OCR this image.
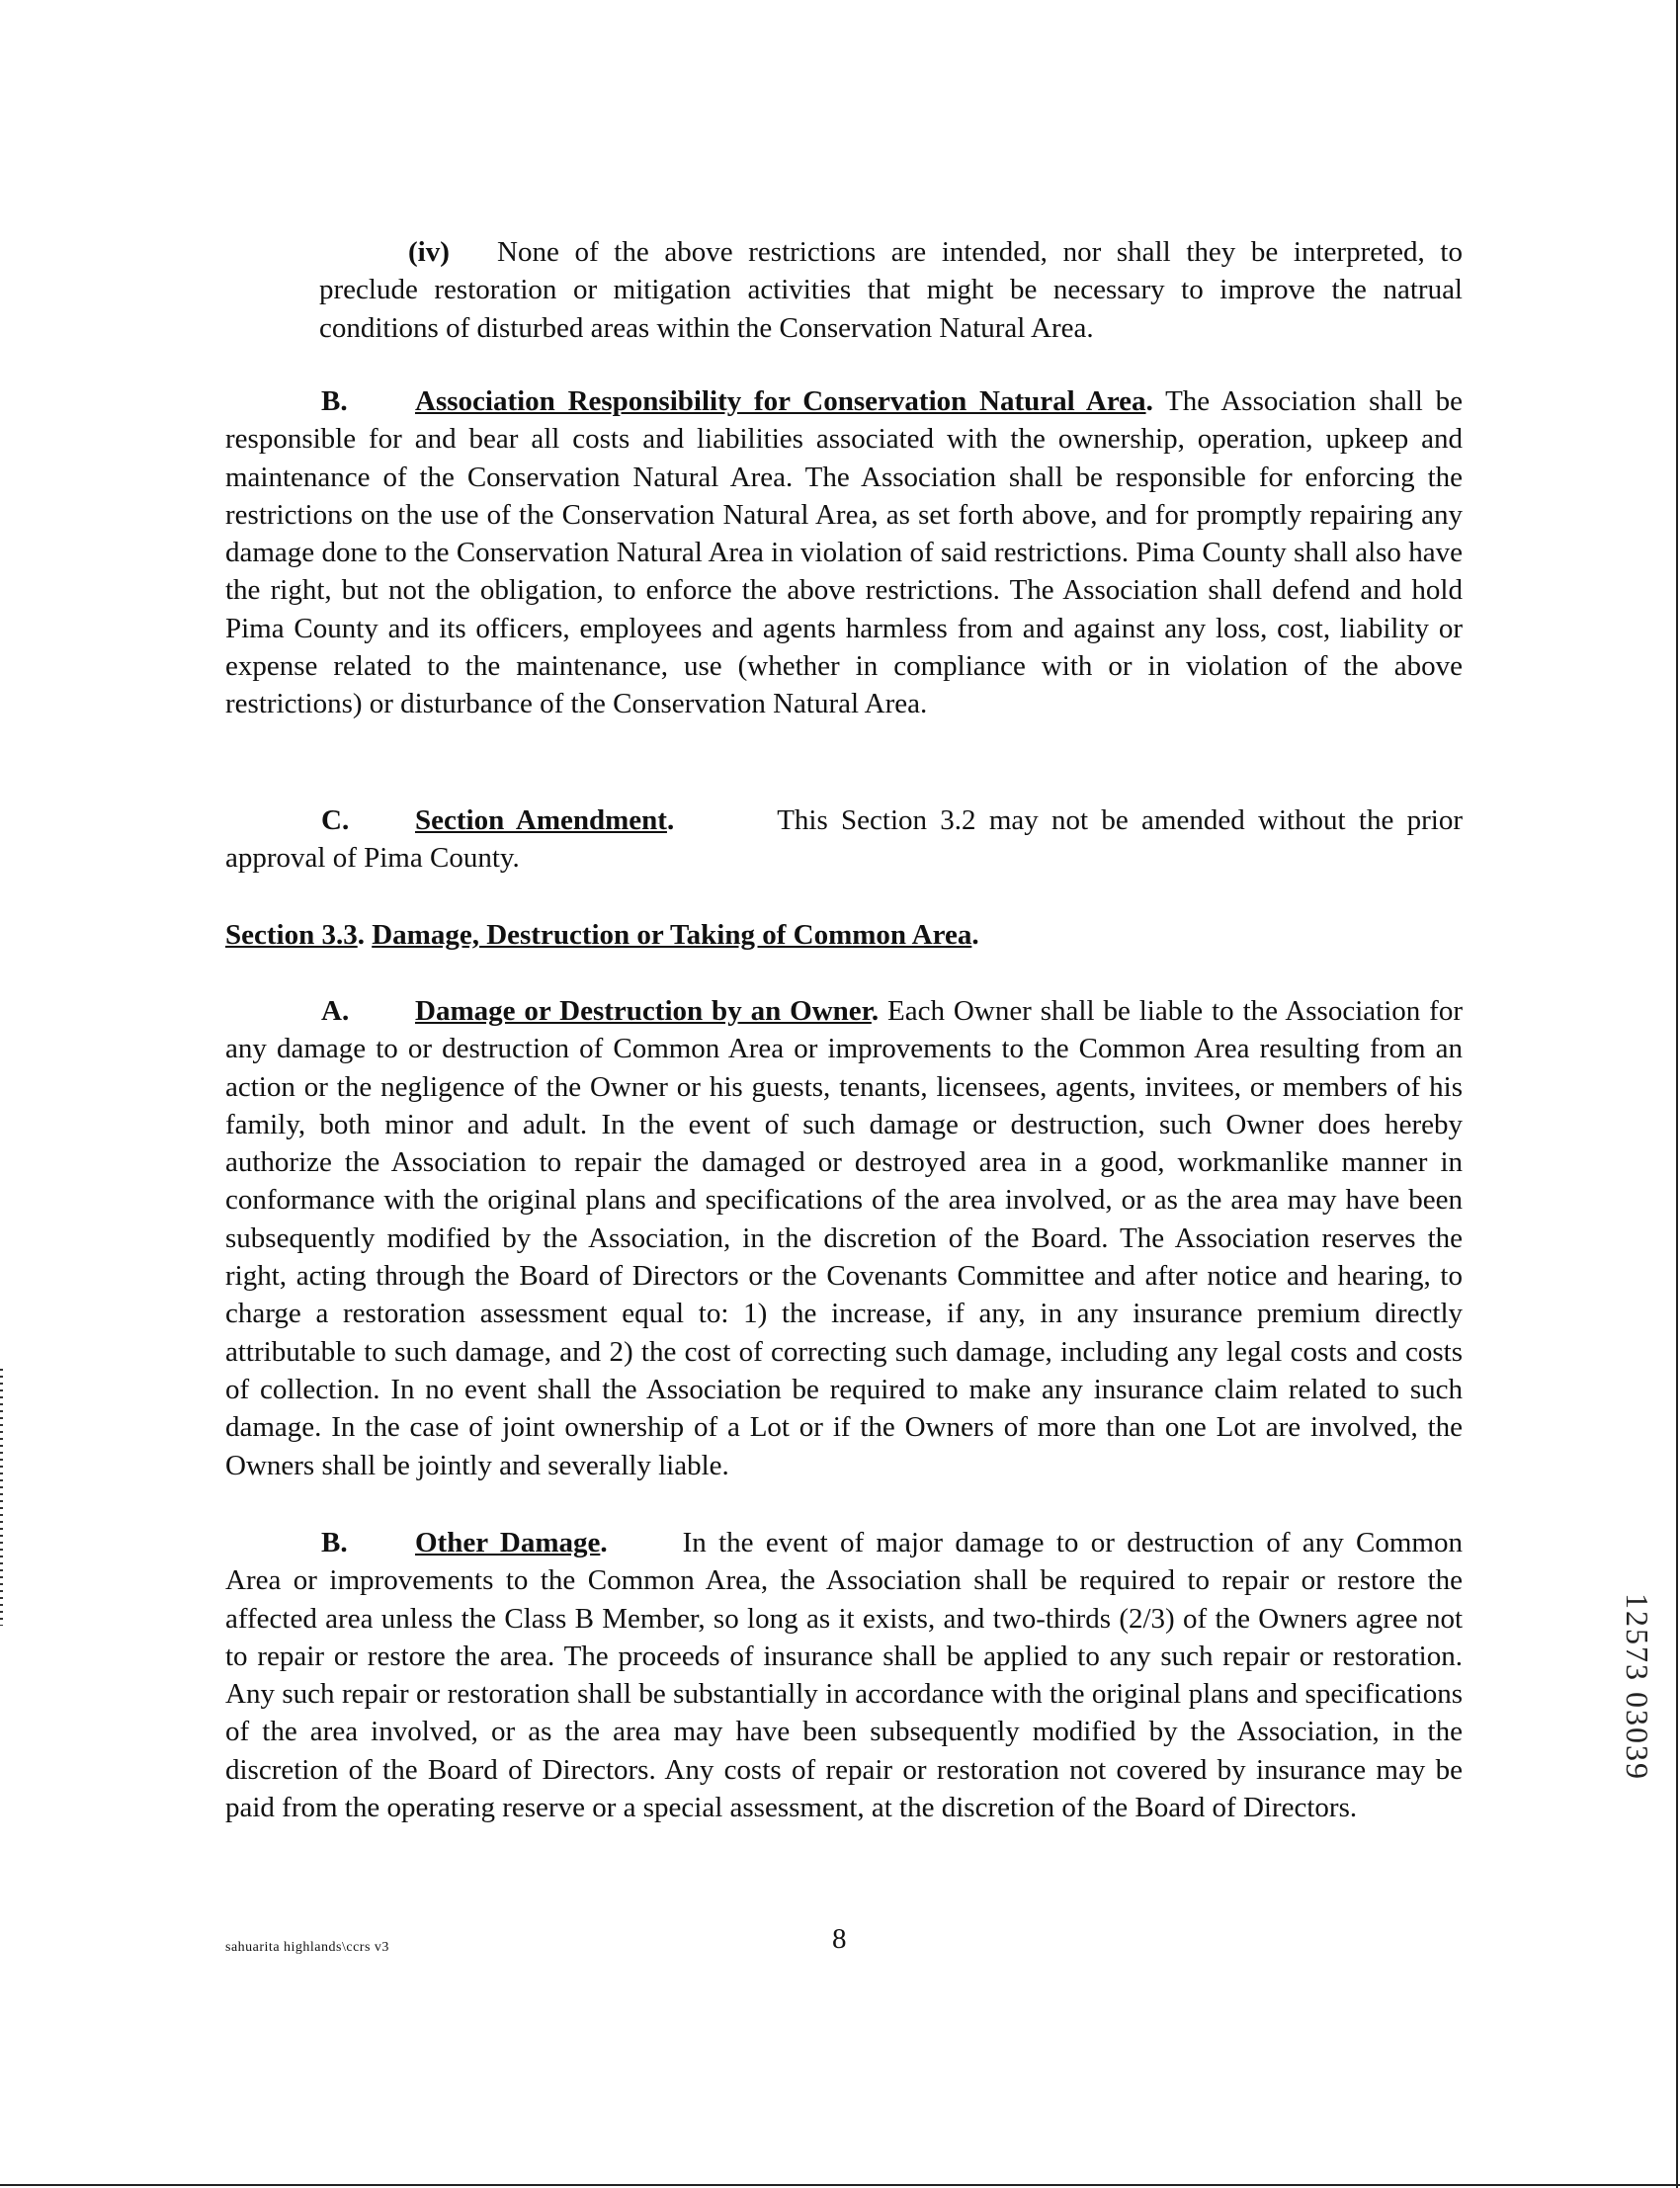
(iv) None of the above restrictions are intended, nor shall they be interpreted, to preclude restoration or mitigation activities that might be necessary to improve the natrual conditions of disturbed areas within the Conservation Natural Area.

B. Association Responsibility for Conservation Natural Area. The Association shall be responsible for and bear all costs and liabilities associated with the ownership, operation, upkeep and maintenance of the Conservation Natural Area. The Association shall be responsible for enforcing the restrictions on the use of the Conservation Natural Area, as set forth above, and for promptly repairing any damage done to the Conservation Natural Area in violation of said restrictions. Pima County shall also have the right, but not the obligation, to enforce the above restrictions. The Association shall defend and hold Pima County and its officers, employees and agents harmless from and against any loss, cost, liability or expense related to the maintenance, use (whether in compliance with or in violation of the above restrictions) or disturbance of the Conservation Natural Area.

C. Section Amendment.	This Section 3.2 may not be amended without the prior approval of Pima County.

Section 3.3. Damage, Destruction or Taking of Common Area.

A. Damage or Destruction by an Owner. Each Owner shall be liable to the Association for any damage to or destruction of Common Area or improvements to the Common Area resulting from an action or the negligence of the Owner or his guests, tenants, licensees, agents, invitees, or members of his family, both minor and adult. In the event of such damage or destruction, such Owner does hereby authorize the Association to repair the damaged or destroyed area in a good, workmanlike manner in conformance with the original plans and specifications of the area involved, or as the area may have been subsequently modified by the Association, in the discretion of the Board. The Association reserves the right, acting through the Board of Directors or the Covenants Committee and after notice and hearing, to charge a restoration assessment equal to: 1) the increase, if any, in any insurance premium directly attributable to such damage, and 2) the cost of correcting such damage, including any legal costs and costs of collection. In no event shall the Association be required to make any insurance claim related to such damage. In the case of joint ownership of a Lot or if the Owners of more than one Lot are involved, the Owners shall be jointly and severally liable.

B. Other Damage.	In the event of major damage to or destruction of any Common Area or improvements to the Common Area, the Association shall be required to repair or restore the affected area unless the Class B Member, so long as it exists, and two-thirds (2/3) of the Owners agree not to repair or restore the area. The proceeds of insurance shall be applied to any such repair or restoration. Any such repair or restoration shall be substantially in accordance with the original plans and specifications of the area involved, or as the area may have been subsequently modified by the Association, in the discretion of the Board of Directors. Any costs of repair or restoration not covered by insurance may be paid from the operating reserve or a special assessment, at the discretion of the Board of Directors.

sahuarita highlands\ccrs v3	8
12573 03039
